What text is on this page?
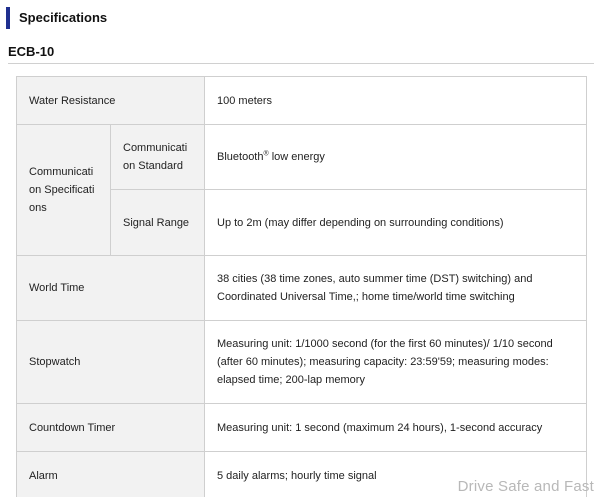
Specifications
ECB-10
Water Resistance		100 meters
Communication Specifications	Communication Standard	Bluetooth® low energy
	Signal Range	Up to 2m (may differ depending on surrounding conditions)
World Time		38 cities (38 time zones, auto summer time (DST) switching) and Coordinated Universal Time,; home time/world time switching
Stopwatch		Measuring unit: 1/1000 second (for the first 60 minutes)/ 1/10 second (after 60 minutes); measuring capacity: 23:59'59; measuring modes: elapsed time; 200-lap memory
Countdown Timer		Measuring unit: 1 second (maximum 24 hours), 1-second accuracy
Alarm		5 daily alarms; hourly time signal
Drive Safe and Fast
